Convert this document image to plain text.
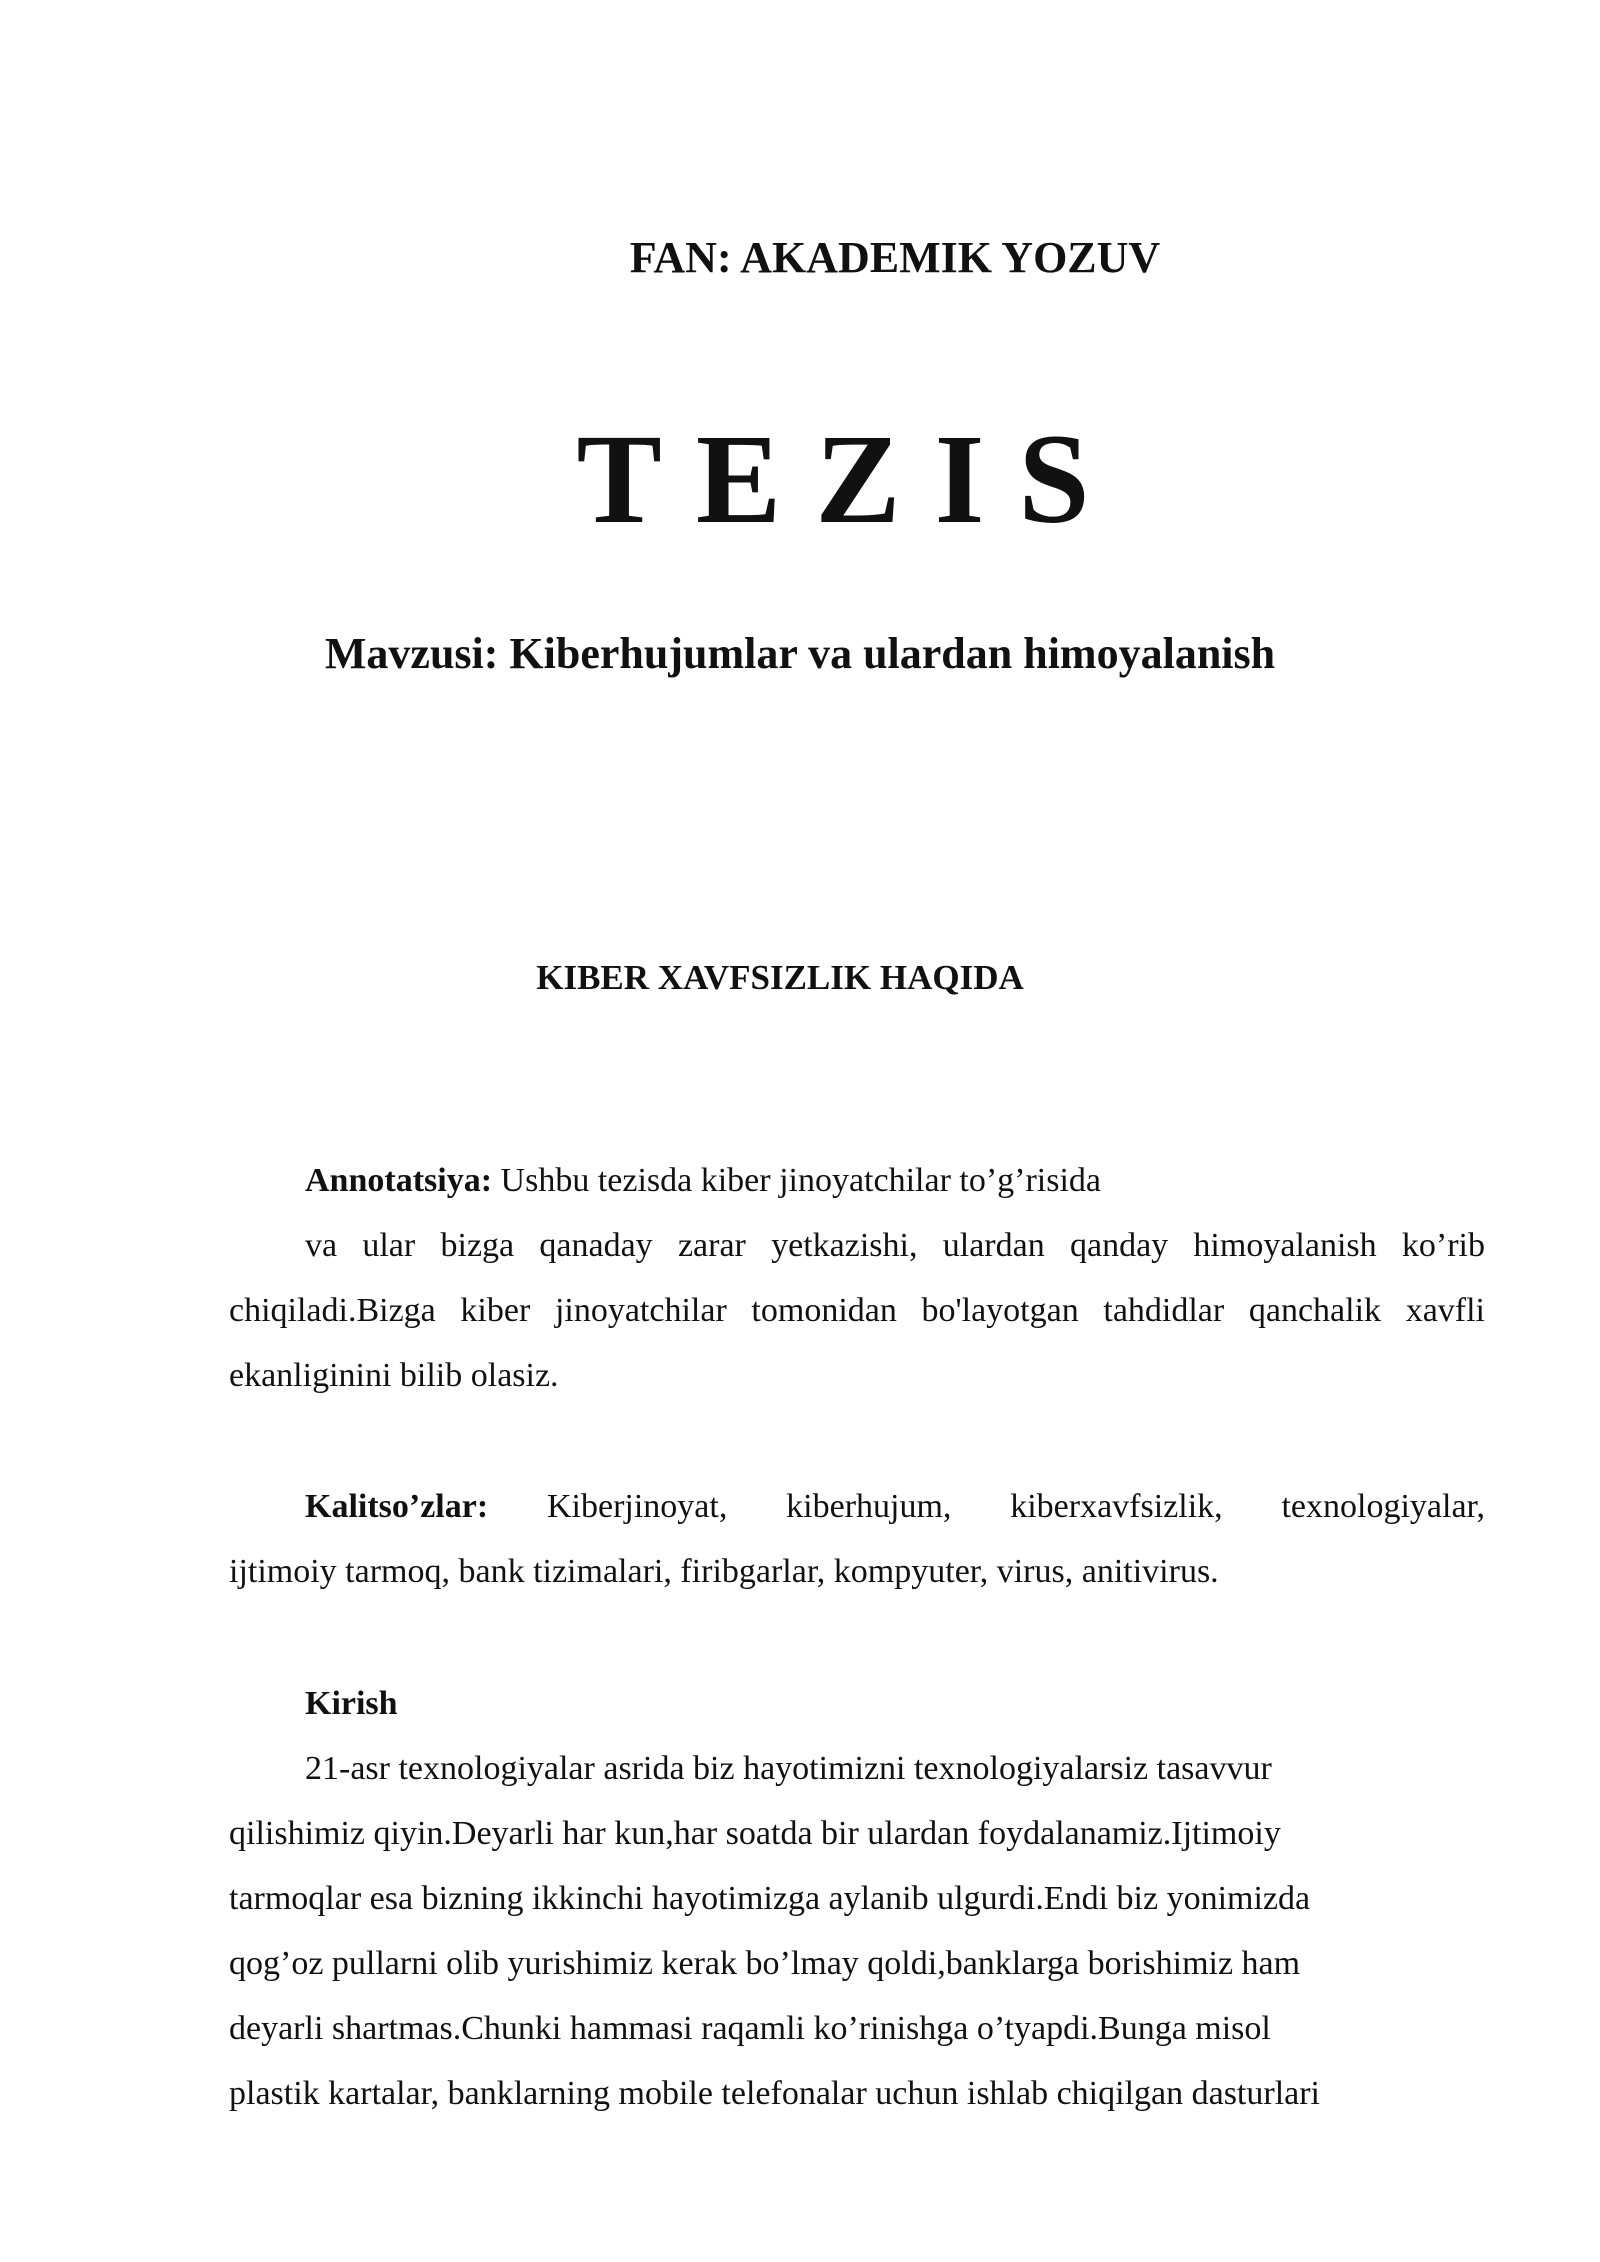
FAN: AKADEMIK YOZUV
TEZIS
Mavzusi: Kiberhujumlar va ulardan himoyalanish
KIBER XAVFSIZLIK HAQIDA
Annotatsiya: Ushbu tezisda kiber jinoyatchilar to’g’risida
va ular bizga qanaday zarar yetkazishi, ulardan qanday himoyalanish ko’rib
chiqiladi.Bizga kiber jinoyatchilar tomonidan bo'layotgan tahdidlar qanchalik xavfli
ekanliginini bilib olasiz.
Kalitso’zlar: Kiberjinoyat, kiberhujum, kiberxavfsizlik, texnologiyalar,
ijtimoiy tarmoq, bank tizimalari, firibgarlar, kompyuter, virus, anitivirus.
Kirish
21-asr texnologiyalar asrida biz hayotimizni texnologiyalarsiz tasavvur
qilishimiz qiyin.Deyarli har kun,har soatda bir ulardan foydalanamiz.Ijtimoiy
tarmoqlar esa bizning ikkinchi hayotimizga aylanib ulgurdi.Endi biz yonimizda
qog’oz pullarni olib yurishimiz kerak bo’lmay qoldi,banklarga borishimiz ham
deyarli shartmas.Chunki hammasi raqamli ko’rinishga o’tyapdi.Bunga misol
plastik kartalar, banklarning mobile telefonalar uchun ishlab chiqilgan dasturlari
